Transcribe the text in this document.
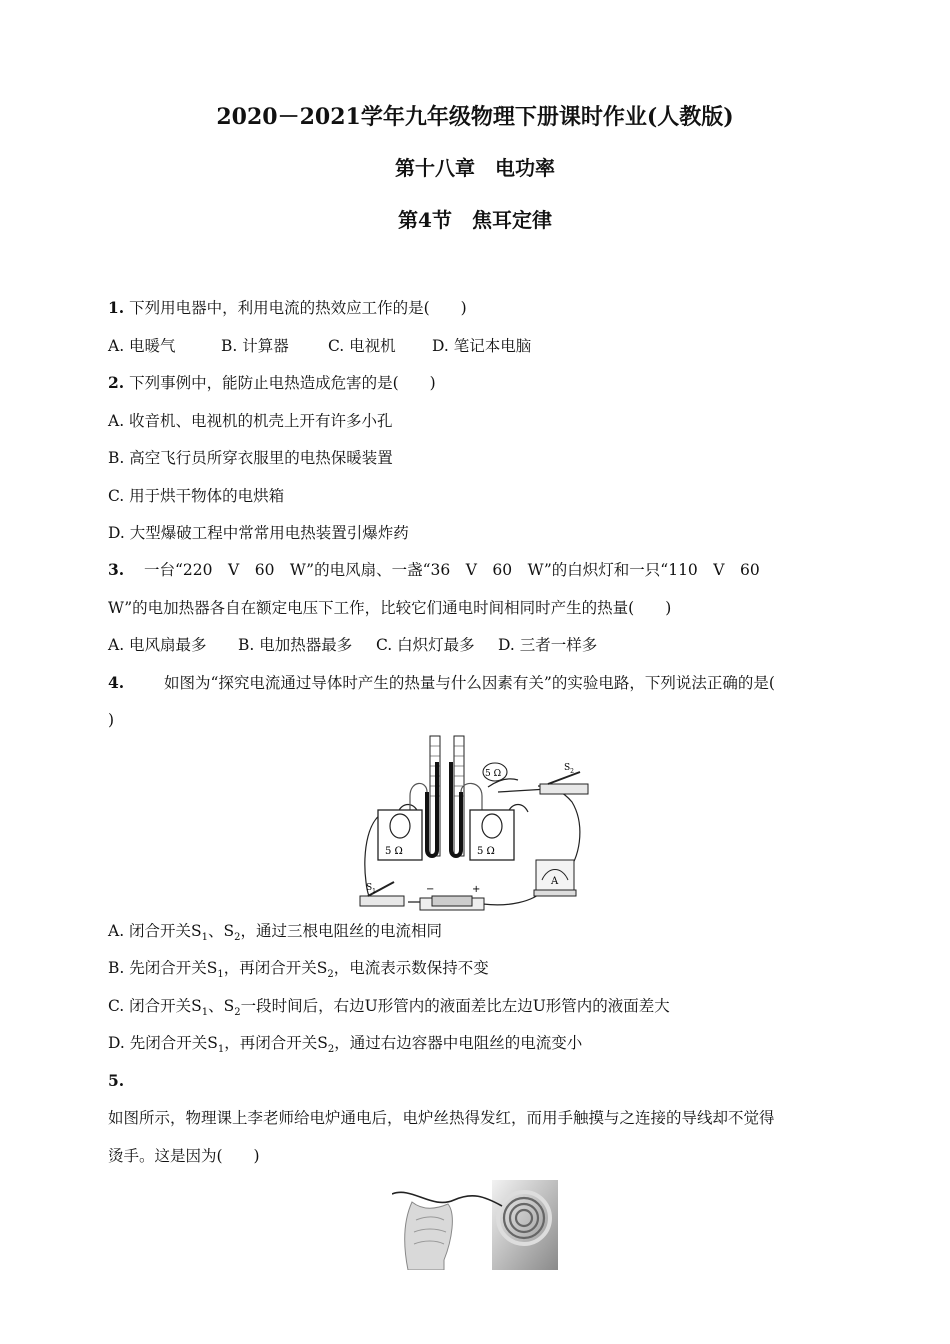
2020－2021学年九年级物理下册课时作业(人教版)
第十八章　电功率
第4节　焦耳定律
1. 下列用电器中，利用电流的热效应工作的是(　　)
A. 电暖气	B. 计算器	C. 电视机 D. 笔记本电脑
2. 下列事例中，能防止电热造成危害的是(　　)
A. 收音机、电视机的机壳上开有许多小孔
B. 高空飞行员所穿衣服里的电热保暖装置
C. 用于烘干物体的电烘箱
D. 大型爆破工程中常常用电热装置引爆炸药
3. 一台“220　V　60　W”的电风扇、一盏“36　V　60　W”的白炽灯和一只“110　V　60
W”的电加热器各自在额定电压下工作，比较它们通电时间相同时产生的热量(　　)
A. 电风扇最多 B. 电加热器最多 C. 白炽灯最多 D. 三者一样多
4.	如图为“探究电流通过导体时产生的热量与什么因素有关”的实验电路，下列说法正确的是(
)
5 Ω	5 Ω
5 Ω
$S_2$
$S_1$	−	+
A
A. 闭合开关$S_1$、$S_2$，通过三根电阻丝的电流相同
B. 先闭合开关$S_1$，再闭合开关$S_2$，电流表示数保持不变
C. 闭合开关$S_1$、$S_2$一段时间后，右边U形管内的液面差比左边U形管内的液面差大
D. 先闭合开关$S_1$，再闭合开关$S_2$，通过右边容器中电阻丝的电流变小
5.
如图所示，物理课上李老师给电炉通电后，电炉丝热得发红，而用手触摸与之连接的导线却不觉得
烫手。这是因为(　　)
